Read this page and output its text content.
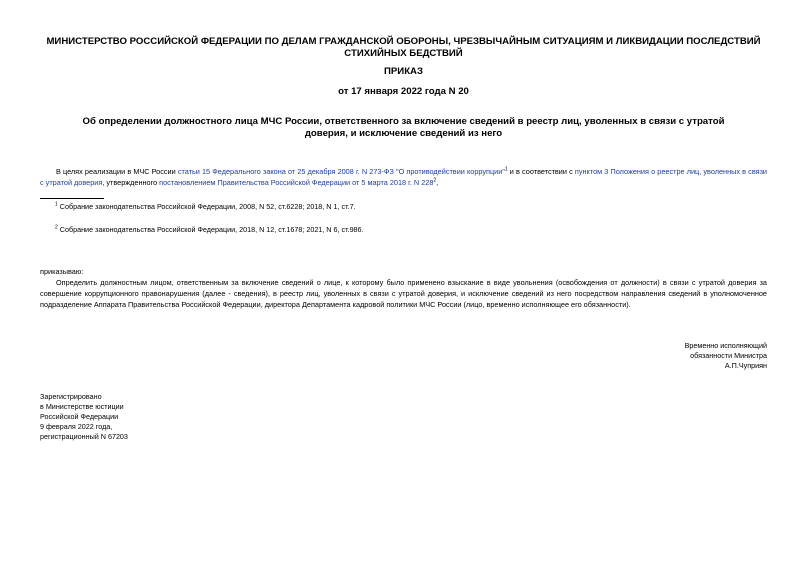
МИНИСТЕРСТВО РОССИЙСКОЙ ФЕДЕРАЦИИ ПО ДЕЛАМ ГРАЖДАНСКОЙ ОБОРОНЫ, ЧРЕЗВЫЧАЙНЫМ СИТУАЦИЯМ И ЛИКВИДАЦИИ ПОСЛЕДСТВИЙ СТИХИЙНЫХ БЕДСТВИЙ
ПРИКАЗ
от 17 января 2022 года N 20
Об определении должностного лица МЧС России, ответственного за включение сведений в реестр лиц, уволенных в связи с утратой доверия, и исключение сведений из него
В целях реализации в МЧС России статьи 15 Федерального закона от 25 декабря 2008 г. N 273-ФЗ "О противодействии коррупции"$^1$ и в соответствии с пунктом 3 Положения о реестре лиц, уволенных в связи с утратой доверия, утвержденного постановлением Правительства Российской Федерации от 5 марта 2018 г. N $228^2$,
$^1$ Собрание законодательства Российской Федерации, 2008, N 52, ст.6228; 2018, N 1, ст.7.
$^2$ Собрание законодательства Российской Федерации, 2018, N 12, ст.1678; 2021, N 6, ст.986.
приказываю:
Определить должностным лицом, ответственным за включение сведений о лице, к которому было применено взыскание в виде увольнения (освобождения от должности) в связи с утратой доверия за совершение коррупционного правонарушения (далее - сведения), в реестр лиц, уволенных в связи с утратой доверия, и исключение сведений из него посредством направления сведений в уполномоченное подразделение Аппарата Правительства Российской Федерации, директора Департамента кадровой политики МЧС России (лицо, временно исполняющее его обязанности).
Временно исполняющий
обязанности Министра
А.П.Чуприян
Зарегистрировано
в Министерстве юстиции
Российской Федерации
9 февраля 2022 года,
регистрационный N 67203
